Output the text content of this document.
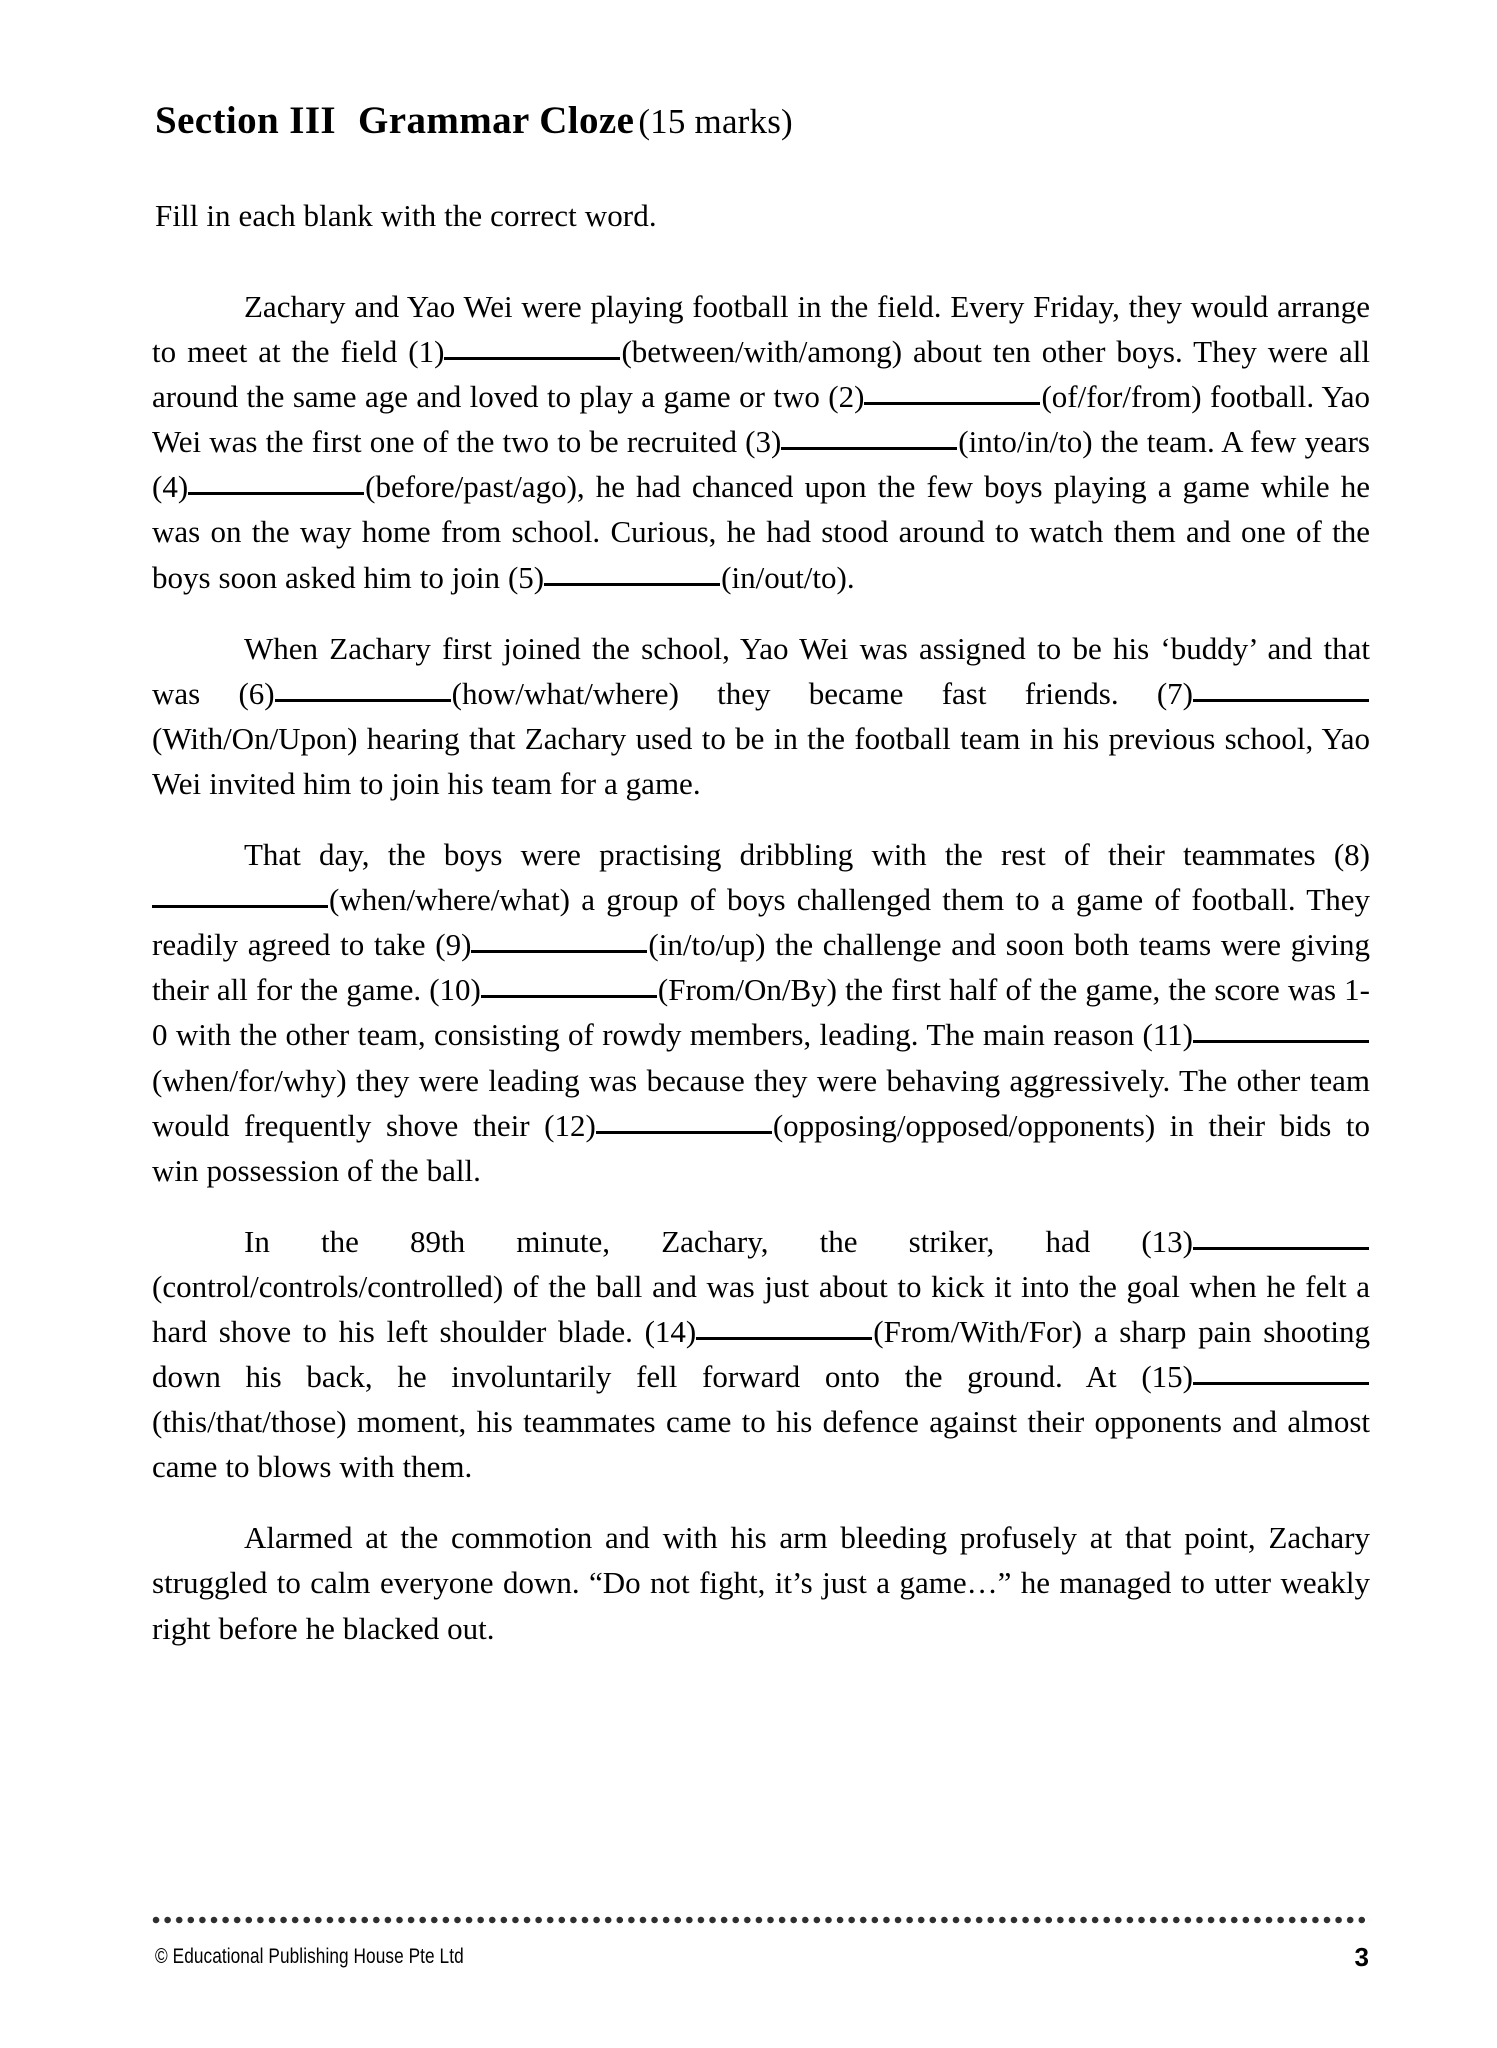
Section III Grammar Cloze (15 marks)
Fill in each blank with the correct word.

Zachary and Yao Wei were playing football in the field. Every Friday, they would arrange to meet at the field (1)	(between/with/among) about ten other boys. They were all around the same age and loved to play a game or two (2)	(of/for/from) football. Yao Wei was the first one of the two to be recruited (3)	(into/in/to) the team. A few years (4)	(before/past/ago), he had chanced upon the few boys playing a game while he was on the way home from school. Curious, he had stood around to watch them and one of the boys soon asked him to join (5)	(in/out/to).

When Zachary first joined the school, Yao Wei was assigned to be his ‘buddy’ and that was (6)	(how/what/where) they became fast friends. (7)(With/On/Upon) hearing that Zachary used to be in the football team in his previous school, Yao Wei invited him to join his team for a game.

That day, the boys were practising dribbling with the rest of their teammates (8)(when/where/what) a group of boys challenged them to a game of football. They readily agreed to take (9)	(in/to/up) the challenge and soon both teams were giving their all for the game. (10)	(From/On/By) the first half of the game, the score was 1-0 with the other team, consisting of rowdy members, leading. The main reason (11)(when/for/why) they were leading was because they were behaving aggressively. The other team would frequently shove their (12)	(opposing/opposed/opponents) in their bids to win possession of the ball.

In the 89th minute, Zachary, the striker, had (13)(control/controls/controlled) of the ball and was just about to kick it into the goal when he felt a hard shove to his left shoulder blade. (14)	(From/With/For) a sharp pain shooting down his back, he involuntarily fell forward onto the ground. At (15)(this/that/those) moment, his teammates came to his defence against their opponents and almost came to blows with them.

Alarmed at the commotion and with his arm bleeding profusely at that point, Zachary struggled to calm everyone down. “Do not fight, it’s just a game…” he managed to utter weakly right before he blacked out.

© Educational Publishing House Pte Ltd	3
